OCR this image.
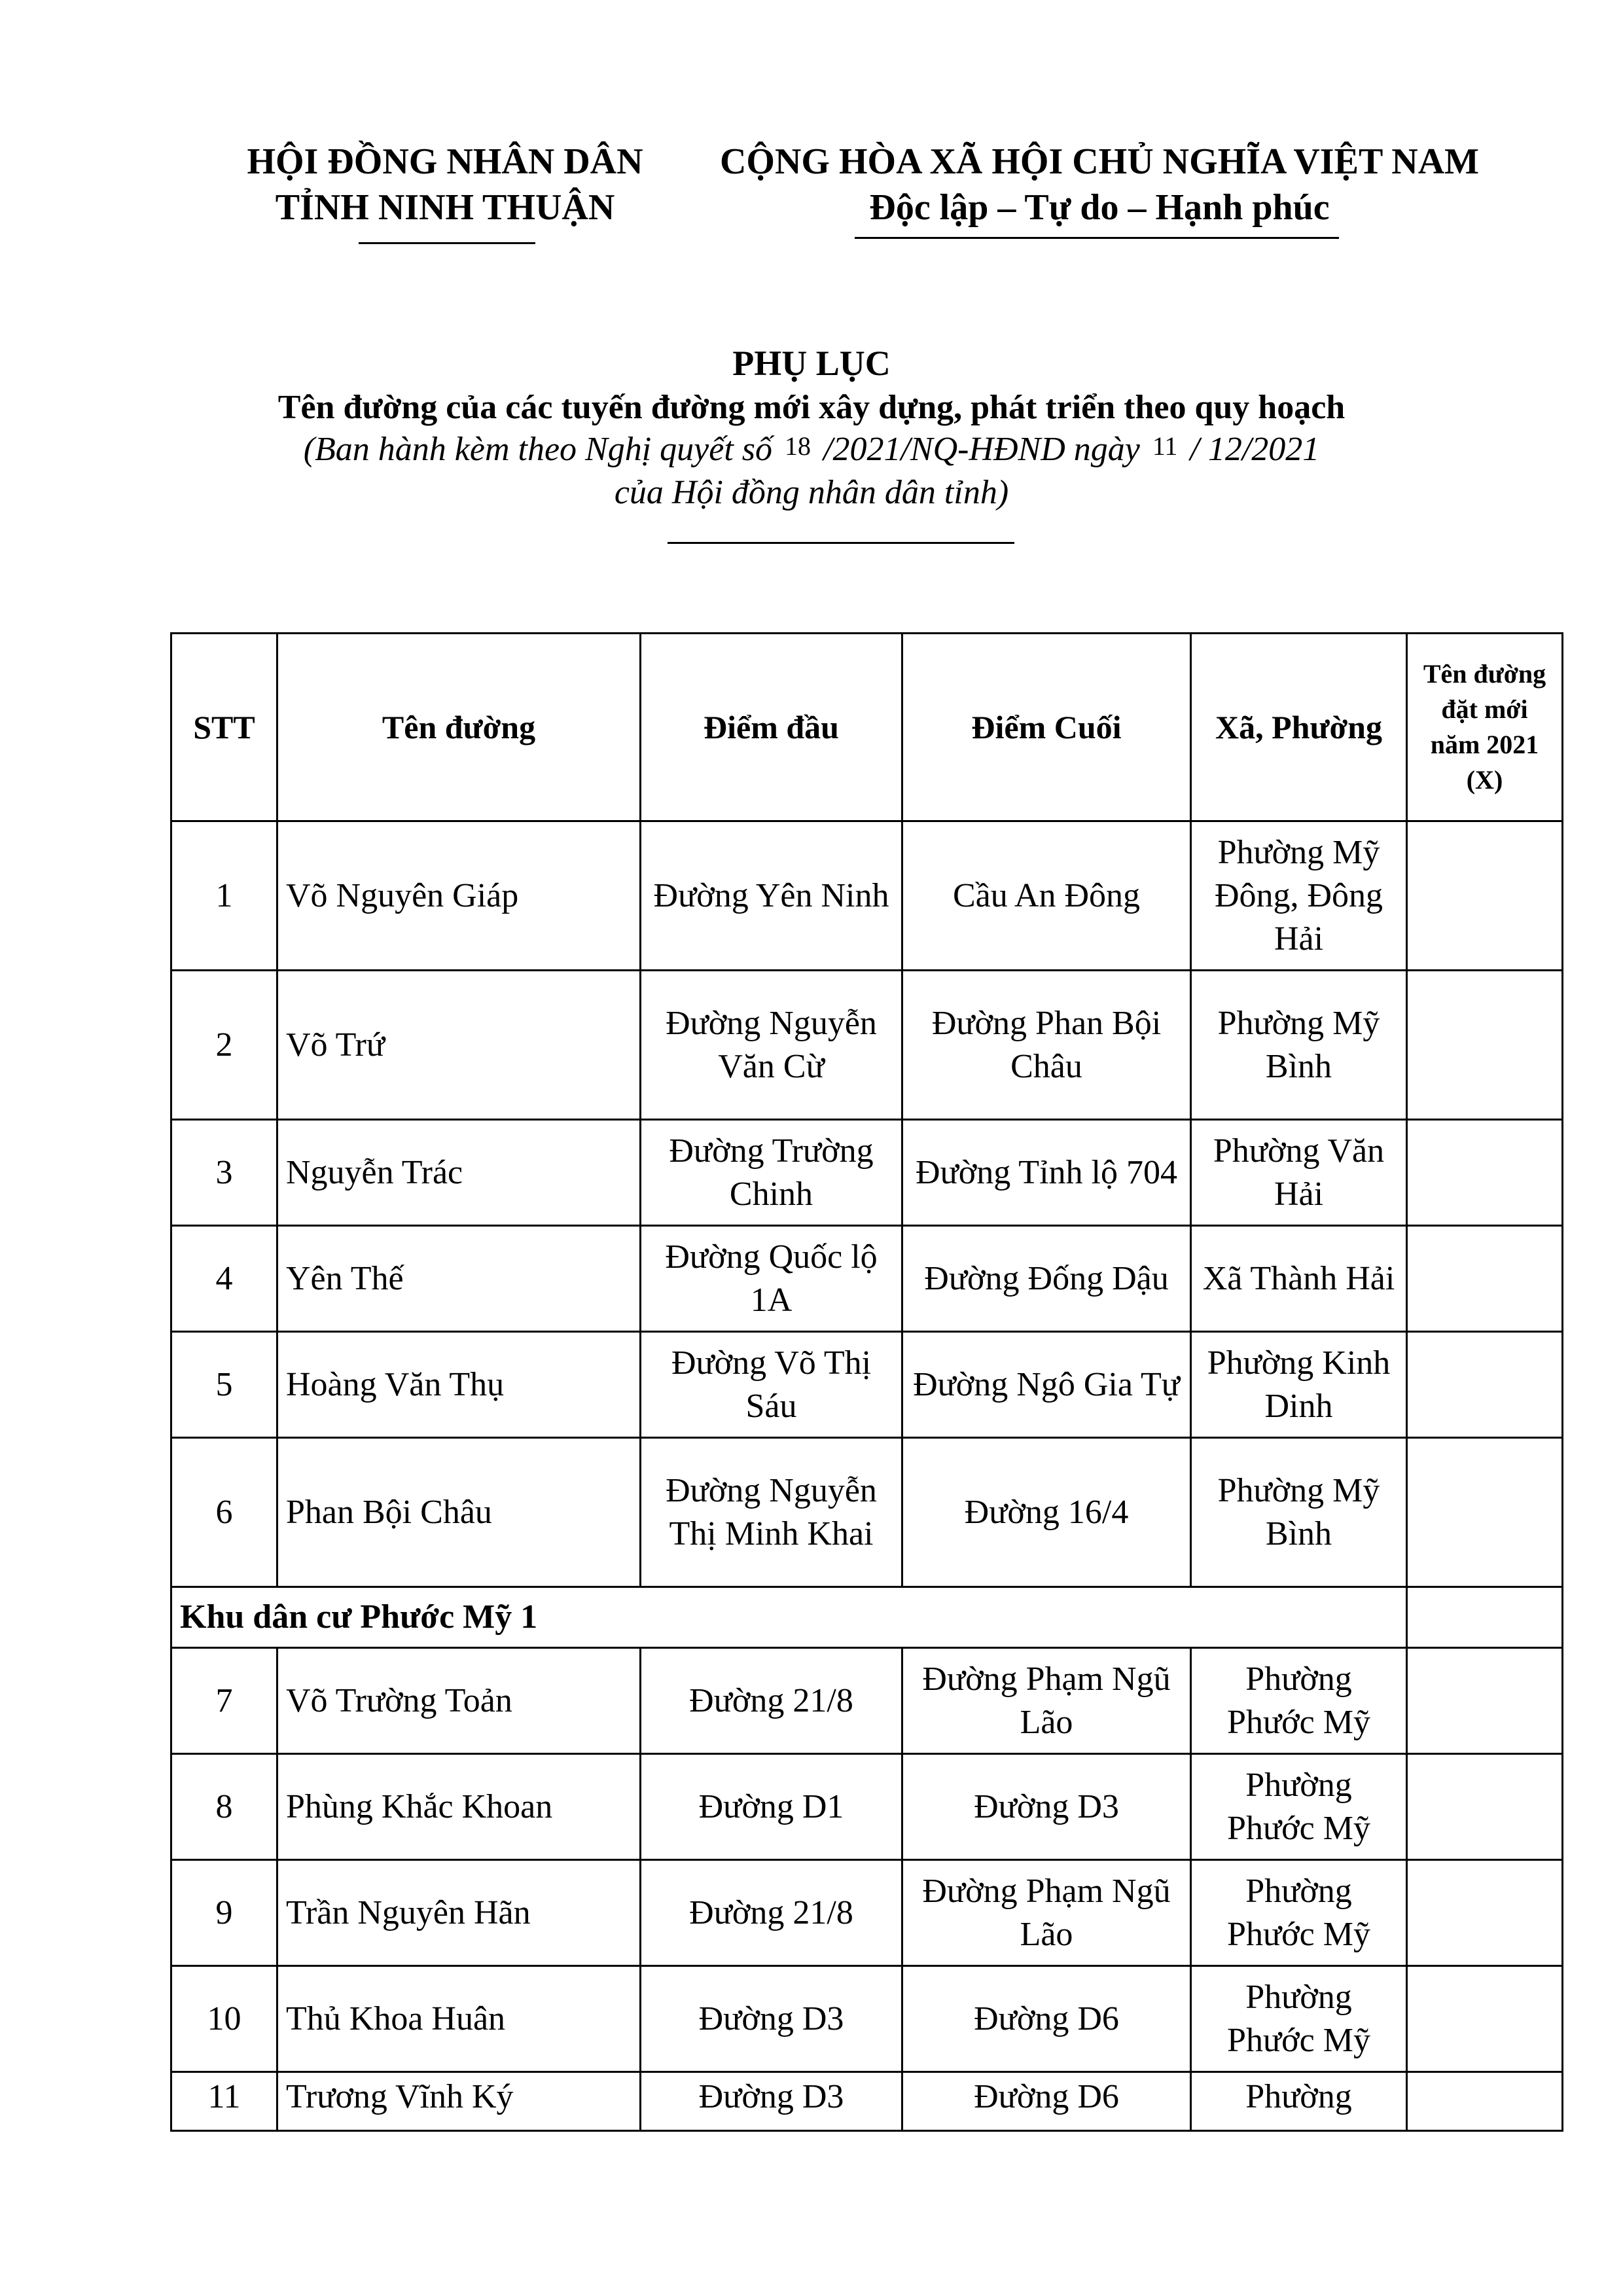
HỘI ĐỒNG NHÂN DÂN
TỈNH NINH THUẬN
CỘNG HÒA XÃ HỘI CHỦ NGHĨA VIỆT NAM
Độc lập – Tự do – Hạnh phúc
PHỤ LỤC
Tên đường của các tuyến đường mới xây dựng, phát triển theo quy hoạch
(Ban hành kèm theo Nghị quyết số 18 /2021/NQ-HĐND ngày 11 / 12/2021
của Hội đồng nhân dân tỉnh)
STT	Tên đường	Điểm đầu	Điểm Cuối	Xã, Phường	Tên đường đặt mới năm 2021 (X)
1	Võ Nguyên Giáp	Đường Yên Ninh	Cầu An Đông	Phường Mỹ Đông, Đông Hải	
2	Võ Trứ	Đường Nguyễn Văn Cừ	Đường Phan Bội Châu	Phường Mỹ Bình	
3	Nguyễn Trác	Đường Trường Chinh	Đường Tỉnh lộ 704	Phường Văn Hải	
4	Yên Thế	Đường Quốc lộ 1A	Đường Đống Dậu	Xã Thành Hải	
5	Hoàng Văn Thụ	Đường Võ Thị Sáu	Đường Ngô Gia Tự	Phường Kinh Dinh	
6	Phan Bội Châu	Đường Nguyễn Thị Minh Khai	Đường 16/4	Phường Mỹ Bình	
Khu dân cư Phước Mỹ 1					
7	Võ Trường Toản	Đường 21/8	Đường Phạm Ngũ Lão	Phường Phước Mỹ	
8	Phùng Khắc Khoan	Đường D1	Đường D3	Phường Phước Mỹ	
9	Trần Nguyên Hãn	Đường 21/8	Đường Phạm Ngũ Lão	Phường Phước Mỹ	
10	Thủ Khoa Huân	Đường D3	Đường D6	Phường Phước Mỹ	
11	Trương Vĩnh Ký	Đường D3	Đường D6	Phường	
